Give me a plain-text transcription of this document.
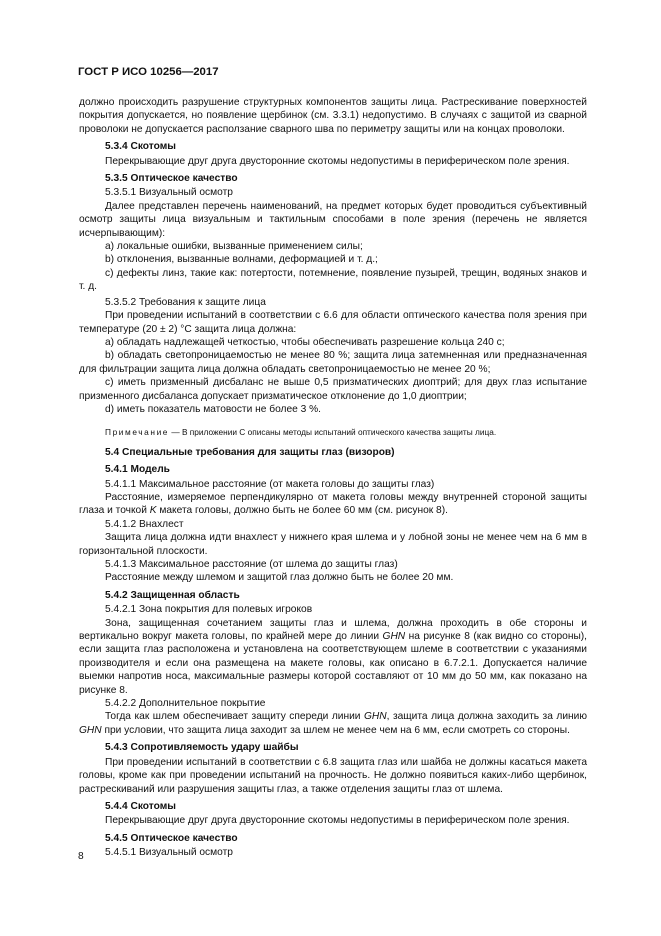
ГОСТ Р ИСО 10256—2017

должно происходить разрушение структурных компонентов защиты лица. Растрескивание поверхностей покрытия допускается, но появление щербинок (см. 3.3.1) недопустимо. В случаях с защитой из сварной проволоки не допускается расползание сварного шва по периметру защиты или на концах проволоки.

5.3.4 Скотомы

Перекрывающие друг друга двусторонние скотомы недопустимы в периферическом поле зрения.

5.3.5 Оптическое качество

5.3.5.1 Визуальный осмотр

Далее представлен перечень наименований, на предмет которых будет проводиться субъективный осмотр защиты лица визуальным и тактильным способами в поле зрения (перечень не является исчерпывающим):

a) локальные ошибки, вызванные применением силы;

b) отклонения, вызванные волнами, деформацией и т. д.;

c) дефекты линз, такие как: потертости, потемнение, появление пузырей, трещин, водяных знаков и т. д.

5.3.5.2 Требования к защите лица

При проведении испытаний в соответствии с 6.6 для области оптического качества поля зрения при температуре (20 ± 2) °C защита лица должна:

a) обладать надлежащей четкостью, чтобы обеспечивать разрешение кольца 240 с;

b) обладать светопроницаемостью не менее 80 %; защита лица затемненная или предназначенная для фильтрации защита лица должна обладать светопроницаемостью не менее 20 %;

c) иметь призменный дисбаланс не выше 0,5 призматических диоптрий; для двух глаз испытание призменного дисбаланса допускает призматическое отклонение до 1,0 диоптрии;

d) иметь показатель матовости не более 3 %.

Примечание — В приложении С описаны методы испытаний оптического качества защиты лица.

5.4 Специальные требования для защиты глаз (визоров)

5.4.1 Модель

5.4.1.1 Максимальное расстояние (от макета головы до защиты глаз)

Расстояние, измеряемое перпендикулярно от макета головы между внутренней стороной защиты глаза и точкой K макета головы, должно быть не более 60 мм (см. рисунок 8).

5.4.1.2 Внахлест

Защита лица должна идти внахлест у нижнего края шлема и у лобной зоны не менее чем на 6 мм в горизонтальной плоскости.

5.4.1.3 Максимальное расстояние (от шлема до защиты глаз)

Расстояние между шлемом и защитой глаз должно быть не более 20 мм.

5.4.2 Защищенная область

5.4.2.1 Зона покрытия для полевых игроков

Зона, защищенная сочетанием защиты глаз и шлема, должна проходить в обе стороны и вертикально вокруг макета головы, по крайней мере до линии GHN на рисунке 8 (как видно со стороны), если защита глаз расположена и установлена на соответствующем шлеме в соответствии с указаниями производителя и если она размещена на макете головы, как описано в 6.7.2.1. Допускается наличие выемки напротив носа, максимальные размеры которой составляют от 10 мм до 50 мм, как показано на рисунке 8.

5.4.2.2 Дополнительное покрытие

Тогда как шлем обеспечивает защиту спереди линии GHN, защита лица должна заходить за линию GHN при условии, что защита лица заходит за шлем не менее чем на 6 мм, если смотреть со стороны.

5.4.3 Сопротивляемость удару шайбы

При проведении испытаний в соответствии с 6.8 защита глаз или шайба не должны касаться макета головы, кроме как при проведении испытаний на прочность. Не должно появиться каких-либо щербинок, растрескиваний или разрушения защиты глаз, а также отделения защиты глаз от шлема.

5.4.4 Скотомы

Перекрывающие друг друга двусторонние скотомы недопустимы в периферическом поле зрения.

5.4.5 Оптическое качество

5.4.5.1 Визуальный осмотр

8
